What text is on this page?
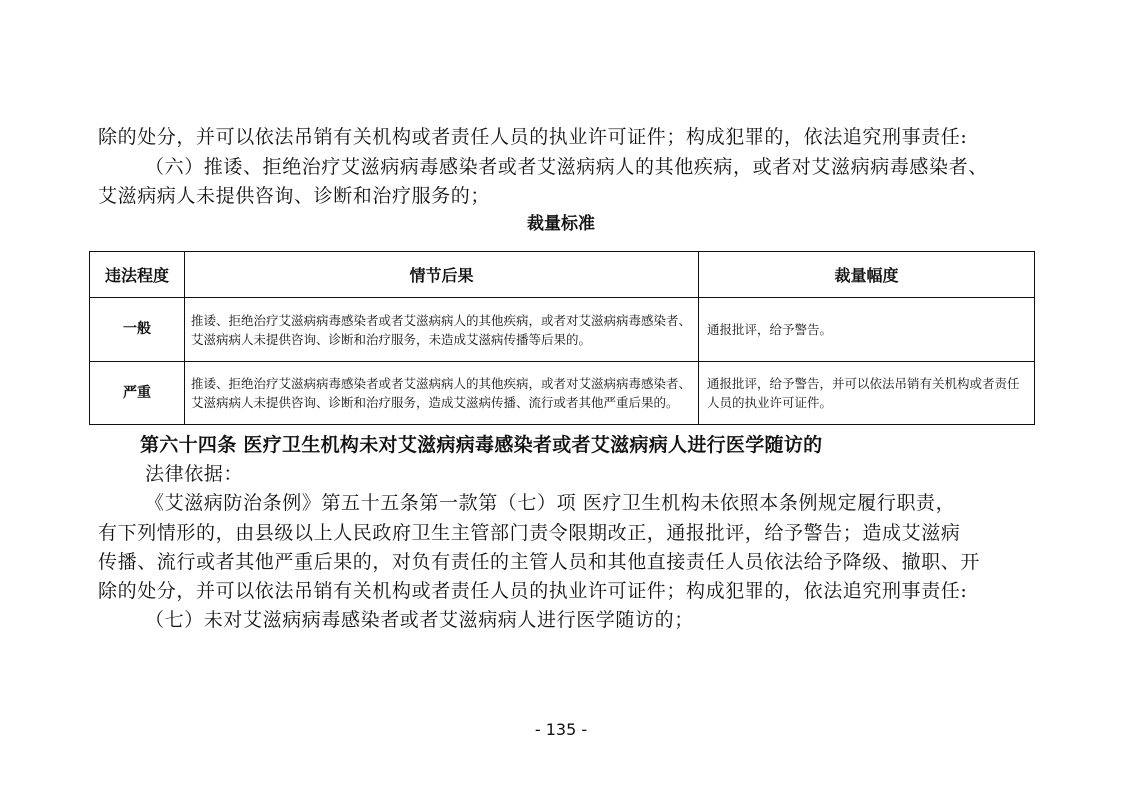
除的处分，并可以依法吊销有关机构或者责任人员的执业许可证件；构成犯罪的，依法追究刑事责任:
（六）推诿、拒绝治疗艾滋病病毒感染者或者艾滋病病人的其他疾病，或者对艾滋病病毒感染者、
艾滋病病人未提供咨询、诊断和治疗服务的；
裁量标准
违法程度	情节后果	裁量幅度
一般	推诿、拒绝治疗艾滋病病毒感染者或者艾滋病病人的其他疾病，或者对艾滋病病毒感染者、艾滋病病人未提供咨询、诊断和治疗服务，未造成艾滋病传播等后果的。	通报批评，给予警告。
严重	推诿、拒绝治疗艾滋病病毒感染者或者艾滋病病人的其他疾病，或者对艾滋病病毒感染者、艾滋病病人未提供咨询、诊断和治疗服务，造成艾滋病传播、流行或者其他严重后果的。	通报批评，给予警告，并可以依法吊销有关机构或者责任人员的执业许可证件。
第六十四条 医疗卫生机构未对艾滋病病毒感染者或者艾滋病病人进行医学随访的
法律依据：
《艾滋病防治条例》第五十五条第一款第（七）项 医疗卫生机构未依照本条例规定履行职责，
有下列情形的，由县级以上人民政府卫生主管部门责令限期改正，通报批评，给予警告；造成艾滋病
传播、流行或者其他严重后果的，对负有责任的主管人员和其他直接责任人员依法给予降级、撤职、开
除的处分，并可以依法吊销有关机构或者责任人员的执业许可证件；构成犯罪的，依法追究刑事责任:
（七）未对艾滋病病毒感染者或者艾滋病病人进行医学随访的；
- 135 -
